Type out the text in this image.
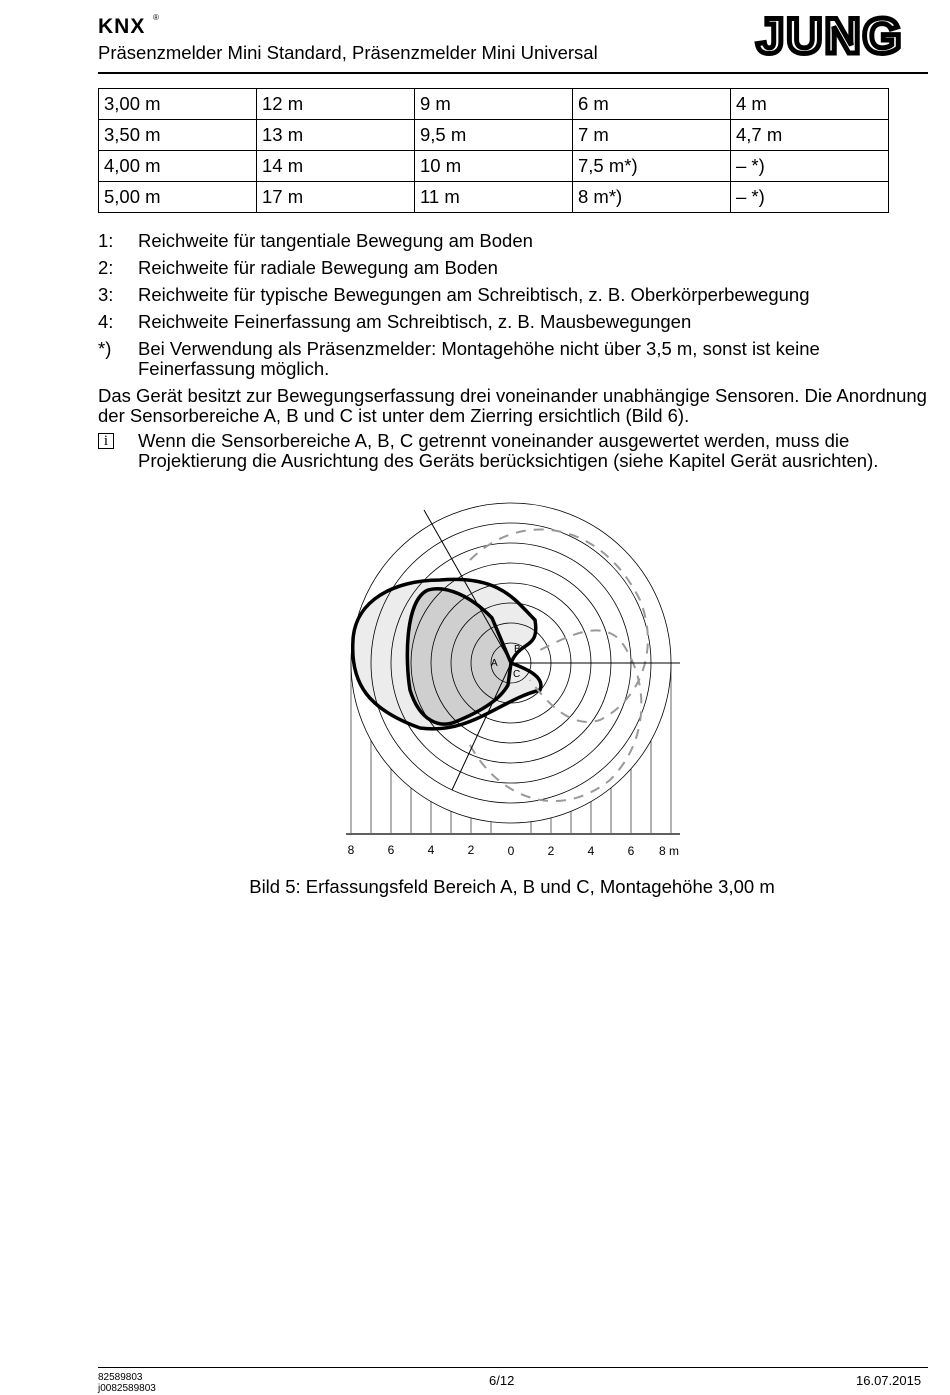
KNX ®
Präsenzmelder Mini Standard, Präsenzmelder Mini Universal	JUNG
3,00 m	12 m	9 m	6 m	4 m
3,50 m	13 m	9,5 m	7 m	4,7 m
4,00 m	14 m	10 m	7,5 m*)	– *)
5,00 m	17 m	11 m	8 m*)	– *)
1: Reichweite für tangentiale Bewegung am Boden
2: Reichweite für radiale Bewegung am Boden
3: Reichweite für typische Bewegungen am Schreibtisch, z. B. Oberkörperbewegung
4: Reichweite Feinerfassung am Schreibtisch, z. B. Mausbewegungen
*) Bei Verwendung als Präsenzmelder: Montagehöhe nicht über 3,5 m, sonst ist keine Feinerfassung möglich.
Das Gerät besitzt zur Bewegungserfassung drei voneinander unabhängige Sensoren. Die Anordnung der Sensorbereiche A, B und C ist unter dem Zierring ersichtlich (Bild 6).
i	Wenn die Sensorbereiche A, B, C getrennt voneinander ausgewertet werden, muss die Projektierung die Ausrichtung des Geräts berücksichtigen (siehe Kapitel Gerät ausrichten).
A
B
C
8	6	4	2	0	2	4	6 8 m
Bild 5: Erfassungsfeld Bereich A, B und C, Montagehöhe 3,00 m
82589803
j0082589803
6/12	16.07.2015
